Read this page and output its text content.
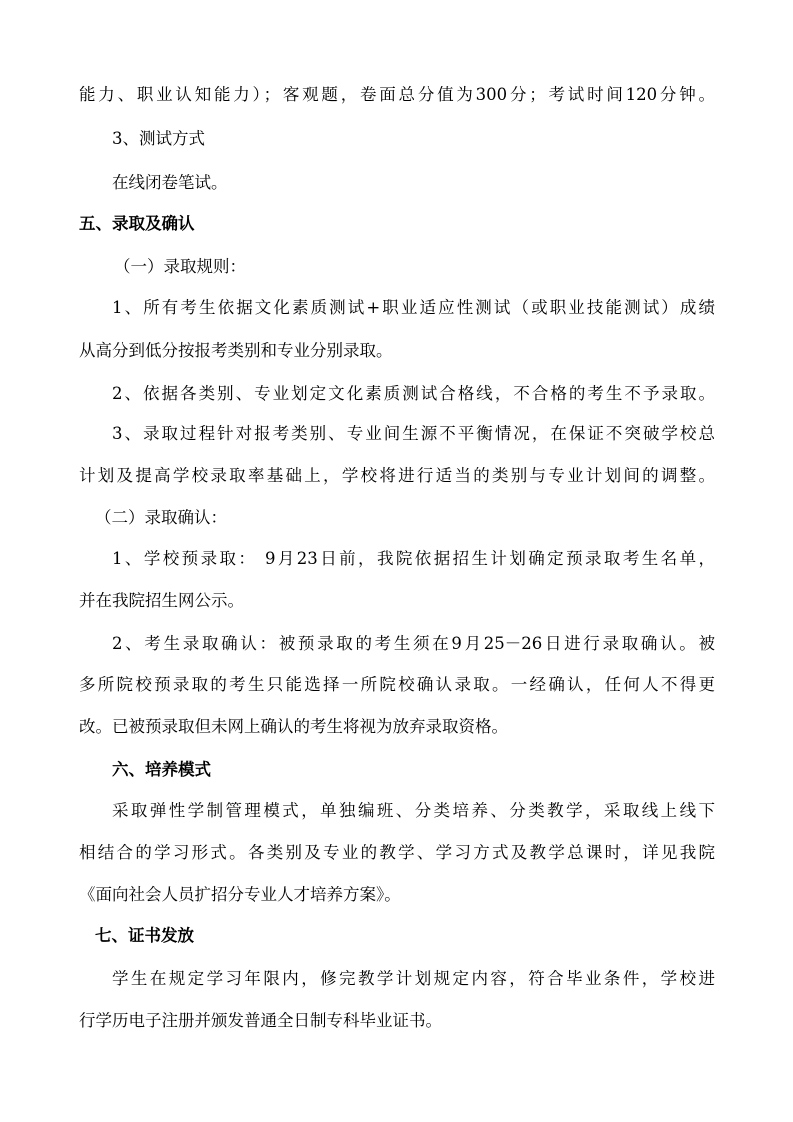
能力、职业认知能力）；客观题，卷面总分值为300分；考试时间120分钟。

3、测试方式

在线闭卷笔试。

五、录取及确认

（一）录取规则：

1、所有考生依据文化素质测试+职业适应性测试（或职业技能测试）成绩

从高分到低分按报考类别和专业分别录取。

2、依据各类别、专业划定文化素质测试合格线，不合格的考生不予录取。

3、录取过程针对报考类别、专业间生源不平衡情况，在保证不突破学校总

计划及提高学校录取率基础上，学校将进行适当的类别与专业计划间的调整。

（二）录取确认：

1、学校预录取： 9月23日前，我院依据招生计划确定预录取考生名单，

并在我院招生网公示。

2、考生录取确认：被预录取的考生须在9月25－26日进行录取确认。被

多所院校预录取的考生只能选择一所院校确认录取。一经确认，任何人不得更

改。已被预录取但未网上确认的考生将视为放弃录取资格。

六、培养模式

采取弹性学制管理模式，单独编班、分类培养、分类教学，采取线上线下

相结合的学习形式。各类别及专业的教学、学习方式及教学总课时，详见我院

《面向社会人员扩招分专业人才培养方案》。

七、证书发放

学生在规定学习年限内，修完教学计划规定内容，符合毕业条件，学校进

行学历电子注册并颁发普通全日制专科毕业证书。
